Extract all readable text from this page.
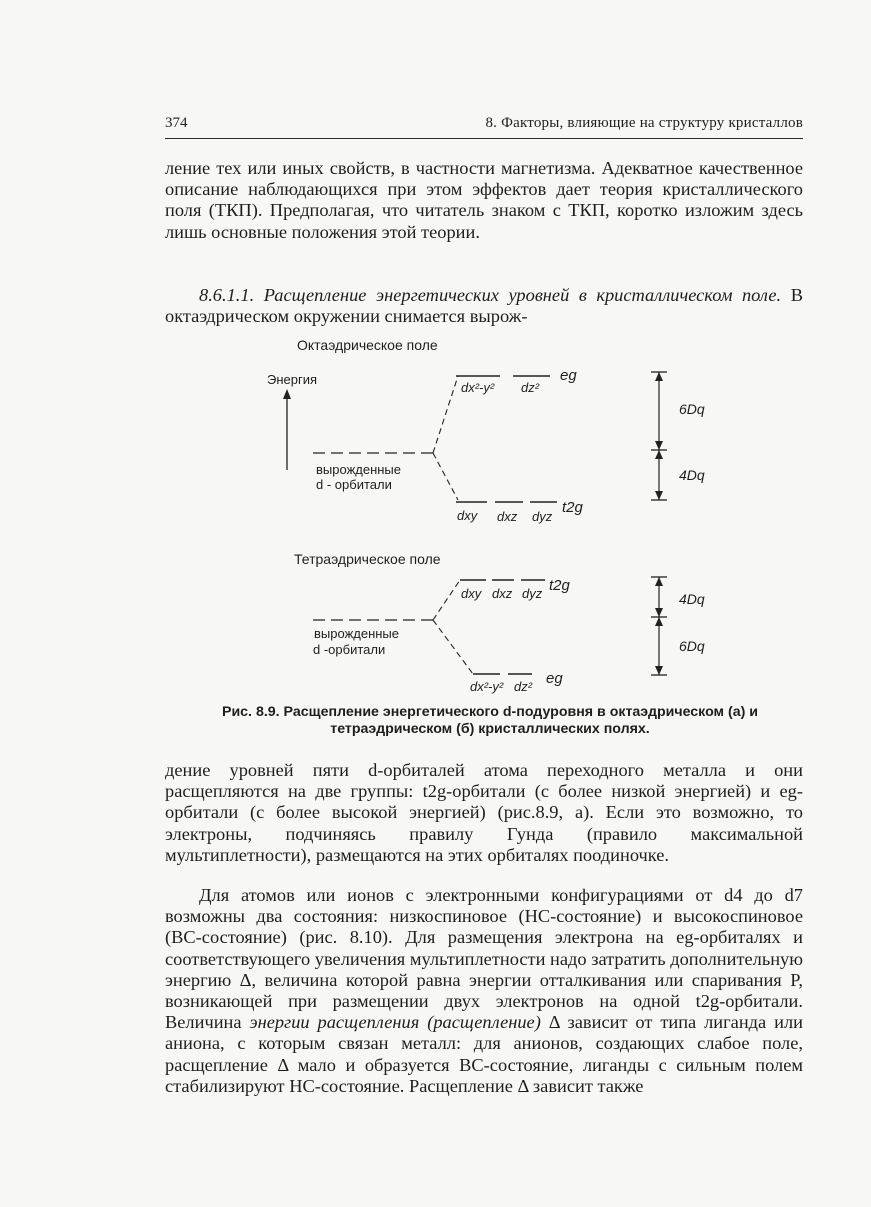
374	8. Факторы, влияющие на структуру кристаллов

ление тех или иных свойств, в частности магнетизма. Адекватное качественное описание наблюдающихся при этом эффектов дает теория кристаллического поля (ТКП). Предполагая, что читатель знаком с ТКП, коротко изложим здесь лишь основные положения этой теории.

8.6.1.1. Расщепление энергетических уровней в кристаллическом поле. В октаэдрическом окружении снимается вырож-

Октаэдрическое поле
Энергия
вырожденные
d - орбитали
dx²-y² dz²
eg
dxy dxz dyz
t2g
6Dq
4Dq
Тетраэдрическое поле
вырожденные
d -орбитали
dxy dxz dyz t2g
dx²-y² dz² eg
4Dq
6Dq
Рис. 8.9. Расщепление энергетического d-подуровня в октаэдрическом (а) и тетраэдрическом (б) кристаллических полях.

дение уровней пяти d-орбиталей атома переходного металла и они расщепляются на две группы: t2g-орбитали (с более низкой энергией) и eg-орбитали (с более высокой энергией) (рис.8.9, а). Если это возможно, то электроны, подчиняясь правилу Гунда (правило максимальной мультиплетности), размещаются на этих орбиталях поодиночке.

Для атомов или ионов с электронными конфигурациями от d4 до d7 возможны два состояния: низкоспиновое (НС-состояние) и высокоспиновое (ВС-состояние) (рис. 8.10). Для размещения электрона на eg-орбиталях и соответствующего увеличения мультиплетности надо затратить дополнительную энергию Δ, величина которой равна энергии отталкивания или спаривания P, возникающей при размещении двух электронов на одной t2g-орбитали. Величина энергии расщепления (расщепление) Δ зависит от типа лиганда или аниона, с которым связан металл: для анионов, создающих слабое поле, расщепление Δ мало и образуется ВС-состояние, лиганды с сильным полем стабилизируют НС-состояние. Расщепление Δ зависит также
